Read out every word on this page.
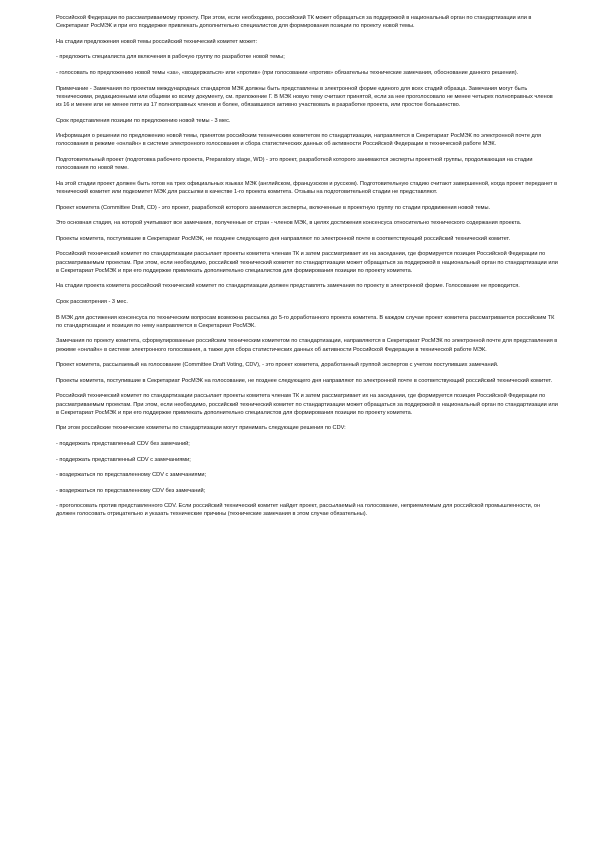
Российской Федерации по рассматриваемому проекту. При этом, если необходимо, российский ТК может обращаться за поддержкой в национальный орган по стандартизации или в Секретариат РосМЭК и при его поддержке привлекать дополнительно специалистов для формирования позиции по проекту новой темы.

На стадии предложения новой темы российский технический комитет может:

- предложить специалиста для включения в рабочую группу по разработке новой темы;

- голосовать по предложению новой темы «за», «воздержаться» или «против» (при голосовании «против» обязательны технические замечания, обоснование данного решения).

Примечание - Замечания по проектам международных стандартов МЭК должны быть представлены в электронной форме единого для всех стадий образца. Замечания могут быть техническими, редакционными или общими ко всему документу, см. приложение Г. В МЭК новую тему считают принятой, если за нее проголосовало не менее четырех полноправных членов из 16 и менее или не менее пяти из 17 полноправных членов и более, обязавшихся активно участвовать в разработке проекта, или простое большинство.

Срок представления позиции по предложению новой темы - 3 мес.

Информация о решении по предложению новой темы, принятом российским техническим комитетом по стандартизации, направляется в Секретариат РосМЭК по электронной почте для голосования в режиме «онлайн» в системе электронного голосования и сбора статистических данных об активности Российской Федерации в технической работе МЭК.

Подготовительный проект (подготовка рабочего проекта, Preparatory stage, WD) - это проект, разработкой которого занимаются эксперты проектной группы, продолжающая на стадии голосования по новой теме.

На этой стадии проект должен быть готов на трех официальных языках МЭК (английском, французском и русском). Подготовительную стадию считают завершенной, когда проект переданет в технический комитет или подкомитет МЭК для рассылки в качестве 1-го проекта комитета. Отзывы на подготовительной стадии не представляют.

Проект комитета (Committee Draft, CD) - это проект, разработкой которого занимаются эксперты, включенные в проектную группу по стадии продвижения новой темы.

Это основная стадия, на которой учитывают все замечания, полученные от стран - членов МЭК, в целях достижения консенсуса относительно технического содержания проекта.

Проекты комитета, поступившие в Секретариат РосМЭК, не позднее следующего дня направляют по электронной почте в соответствующий российский технический комитет.

Российский технический комитет по стандартизации рассылает проекты комитета членам ТК и затем рассматривает их на заседании, где формируется позиция Российской Федерации по рассматриваемым проектам. При этом, если необходимо, российский технический комитет по стандартизации может обращаться за поддержкой в национальный орган по стандартизации или в Секретариат РосМЭК и при его поддержке привлекать дополнительно специалистов для формирования позиции по проекту комитета.

На стадии проекта комитета российский технический комитет по стандартизации должен представлять замечания по проекту в электронной форме. Голосование не проводится.

Срок рассмотрения - 3 мес.

В МЭК для достижения консенсуса по техническим вопросам возможна рассылка до 5-го доработанного проекта комитета. В каждом случае проект комитета рассматривается российским ТК по стандартизации и позиция по нему направляется в Секретариат РосМЭК.

Замечания по проекту комитета, сформулированные российским техническим комитетом по стандартизации, направляются в Секретариат РосМЭК по электронной почте для представления в режиме «онлайн» в системе электронного голосования, а также для сбора статистических данных об активности Российской Федерации в технической работе МЭК.

Проект комитета, рассылаемый на голосование (Committee Draft Voting, CDV), - это проект комитета, доработанный группой экспертов с учетом поступивших замечаний.

Проекты комитета, поступившие в Секретариат РосМЭК на голосование, не позднее следующего дня направляют по электронной почте в соответствующий российский технический комитет.

Российский технический комитет по стандартизации рассылает проекты комитета членам ТК и затем рассматривает их на заседании, где формируется позиция Российской Федерации по рассматриваемым проектам. При этом, если необходимо, российский технический комитет по стандартизации может обращаться за поддержкой в национальный орган по стандартизации или в Секретариат РосМЭК и при его поддержке привлекать дополнительно специалистов для формирования позиции по проекту комитета.

При этом российские технические комитеты по стандартизации могут принимать следующие решения по CDV:

- поддержать представленный CDV без замечаний;

- поддержать представленный CDV с замечаниями;

- воздержаться по представленному CDV с замечаниями;

- воздержаться по представленному CDV без замечаний;

- проголосовать против представленного CDV. Если российский технический комитет найдет проект, рассылаемый на голосование, неприемлемым для российской промышленности, он должен голосовать отрицательно и указать технические причины (технические замечания в этом случае обязательны).
